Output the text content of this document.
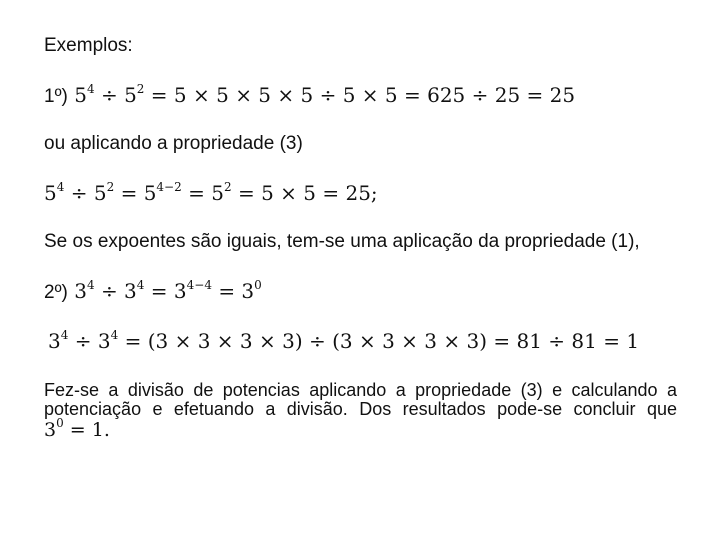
Exemplos:
1º) $5^4 \div 5^2 = 5 \times 5 \times 5 \times 5 \div 5 \times 5 = 625 \div 25 = 25$
ou aplicando a propriedade (3)
$5^4 \div 5^2 = 5^{4-2} = 5^2 = 5 \times 5 = 25$;
Se os expoentes são iguais, tem-se uma aplicação da propriedade (1),
2º) $3^4 \div 3^4 = 3^{4-4} = 3^0$
$3^4 \div 3^4 = (3 \times 3 \times 3 \times 3) \div (3 \times 3 \times 3 \times 3) = 81 \div 81 = 1$
Fez-se a divisão de potencias aplicando a propriedade (3) e calculando a
potenciação e efetuando a divisão. Dos resultados pode-se concluir que
$3^0 = 1$.
